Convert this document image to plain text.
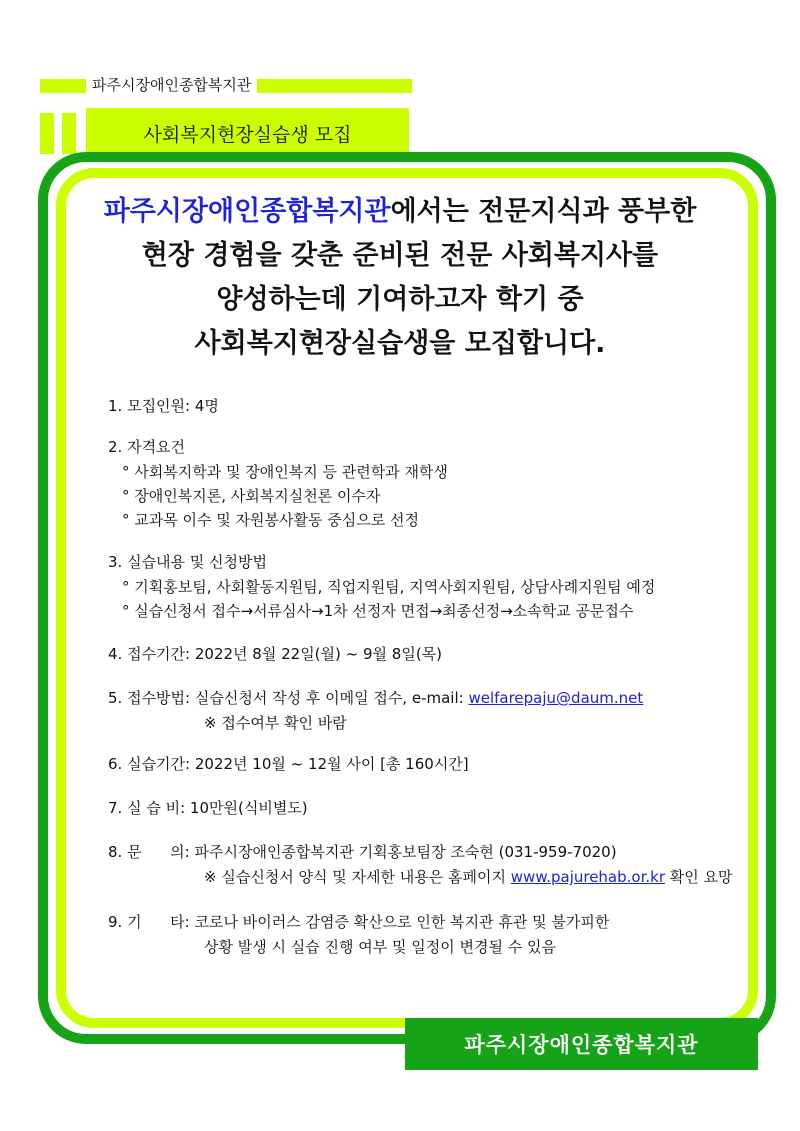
파주시장애인종합복지관
사회복지현장실습생 모집
파주시장애인종합복지관에서는 전문지식과 풍부한
현장 경험을 갖춘 준비된 전문 사회복지사를
양성하는데 기여하고자 학기 중
사회복지현장실습생을 모집합니다.
1. 모집인원: 4명
2. 자격요건
° 사회복지학과 및 장애인복지 등 관련학과 재학생
° 장애인복지론, 사회복지실천론 이수자
° 교과목 이수 및 자원봉사활동 중심으로 선정
3. 실습내용 및 신청방법
° 기획홍보팀, 사회활동지원팀, 직업지원팀, 지역사회지원팀, 상담사례지원팀 예정
° 실습신청서 접수→서류심사→1차 선정자 면접→최종선정→소속학교 공문접수
4. 접수기간: 2022년 8월 22일(월) ~ 9월 8일(목)
5. 접수방법: 실습신청서 작성 후 이메일 접수, e-mail: welfarepaju@daum.net
※ 접수여부 확인 바람
6. 실습기간: 2022년 10월 ~ 12월 사이 [총 160시간]
7. 실 습 비: 10만원(식비별도)
8. 문      의: 파주시장애인종합복지관 기획홍보팀장 조숙현 (031-959-7020)
※ 실습신청서 양식 및 자세한 내용은 홈페이지 www.pajurehab.or.kr 확인 요망
9. 기      타: 코로나 바이러스 감염증 확산으로 인한 복지관 휴관 및 불가피한
상황 발생 시 실습 진행 여부 및 일정이 변경될 수 있음
파주시장애인종합복지관
